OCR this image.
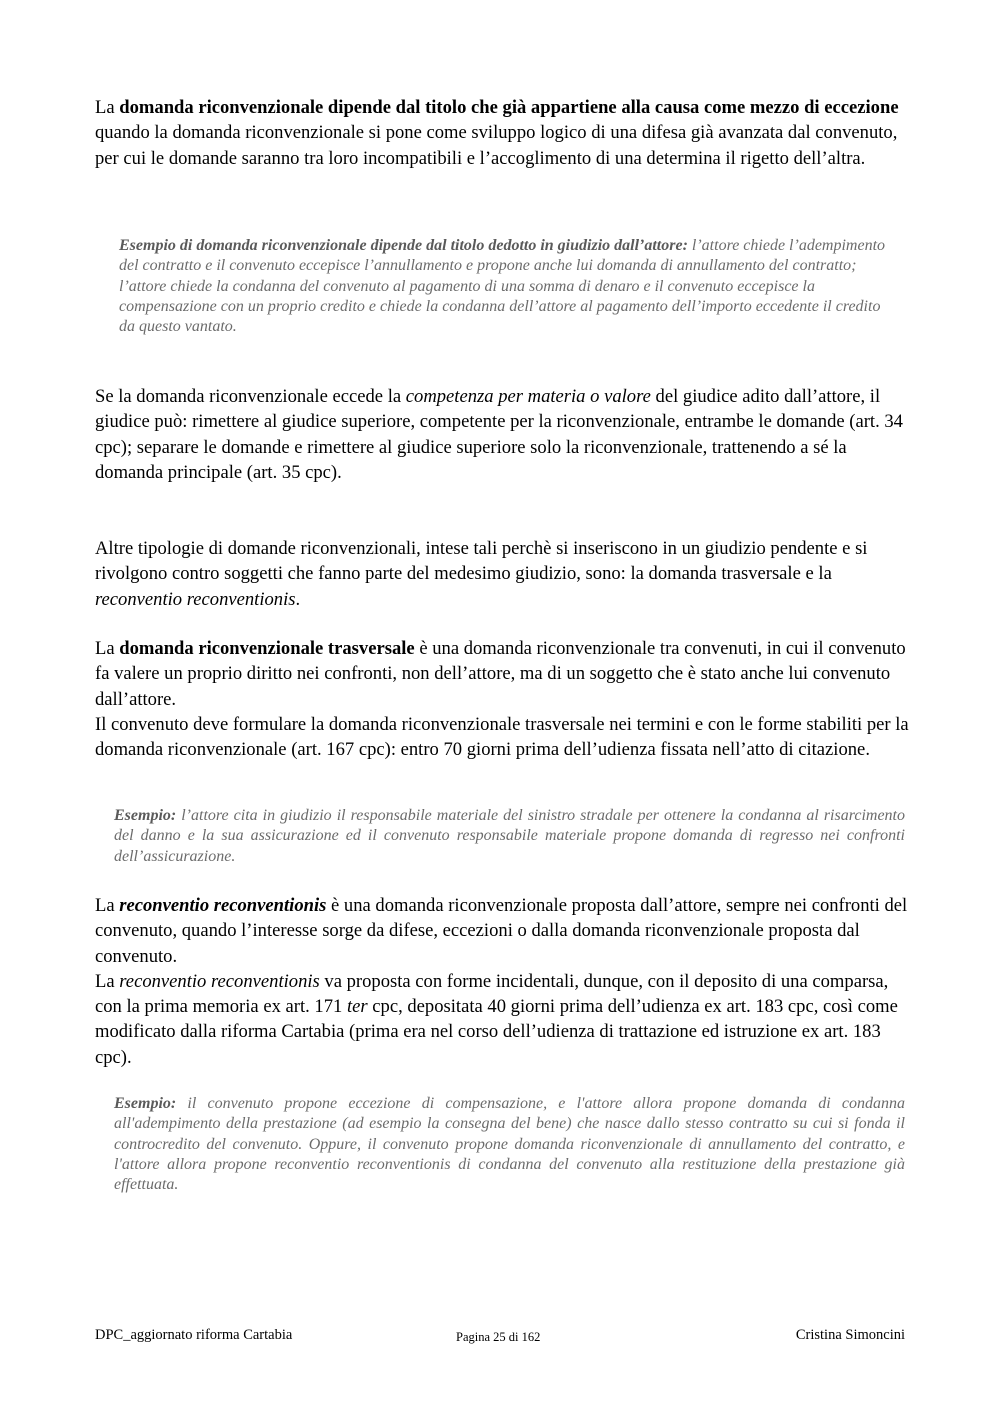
La domanda riconvenzionale dipende dal titolo che già appartiene alla causa come mezzo di eccezione quando la domanda riconvenzionale si pone come sviluppo logico di una difesa già avanzata dal convenuto, per cui le domande saranno tra loro incompatibili e l’accoglimento di una determina il rigetto dell’altra.

Esempio di domanda riconvenzionale dipende dal titolo dedotto in giudizio dall’attore: l’attore chiede l’adempimento del contratto e il convenuto eccepisce l’annullamento e propone anche lui domanda di annullamento del contratto; l’attore chiede la condanna del convenuto al pagamento di una somma di denaro e il convenuto eccepisce la compensazione con un proprio credito e chiede la condanna dell’attore al pagamento dell’importo eccedente il credito da questo vantato.

Se la domanda riconvenzionale eccede la competenza per materia o valore del giudice adito dall’attore, il giudice può: rimettere al giudice superiore, competente per la riconvenzionale, entrambe le domande (art. 34 cpc); separare le domande e rimettere al giudice superiore solo la riconvenzionale, trattenendo a sé la domanda principale (art. 35 cpc).

Altre tipologie di domande riconvenzionali, intese tali perchè si inseriscono in un giudizio pendente e si rivolgono contro soggetti che fanno parte del medesimo giudizio, sono: la domanda trasversale e la reconventio reconventionis.

La domanda riconvenzionale trasversale è una domanda riconvenzionale tra convenuti, in cui il convenuto fa valere un proprio diritto nei confronti, non dell’attore, ma di un soggetto che è stato anche lui convenuto dall’attore.
Il convenuto deve formulare la domanda riconvenzionale trasversale nei termini e con le forme stabiliti per la domanda riconvenzionale (art. 167 cpc): entro 70 giorni prima dell’udienza fissata nell’atto di citazione.

Esempio: l’attore cita in giudizio il responsabile materiale del sinistro stradale per ottenere la condanna al risarcimento del danno e la sua assicurazione ed il convenuto responsabile materiale propone domanda di regresso nei confronti dell’assicurazione.

La reconventio reconventionis è una domanda riconvenzionale proposta dall’attore, sempre nei confronti del convenuto, quando l’interesse sorge da difese, eccezioni o dalla domanda riconvenzionale proposta dal convenuto.
La reconventio reconventionis va proposta con forme incidentali, dunque, con il deposito di una comparsa, con la prima memoria ex art. 171 ter cpc, depositata 40 giorni prima dell’udienza ex art. 183 cpc, così come modificato dalla riforma Cartabia (prima era nel corso dell’udienza di trattazione ed istruzione ex art. 183 cpc).

Esempio: il convenuto propone eccezione di compensazione, e l'attore allora propone domanda di condanna all'adempimento della prestazione (ad esempio la consegna del bene) che nasce dallo stesso contratto su cui si fonda il controcredito del convenuto. Oppure, il convenuto propone domanda riconvenzionale di annullamento del contratto, e l'attore allora propone reconventio reconventionis di condanna del convenuto alla restituzione della prestazione già effettuata.

DPC_aggiornato riforma Cartabia	Pagina 25 di 162	Cristina Simoncini
